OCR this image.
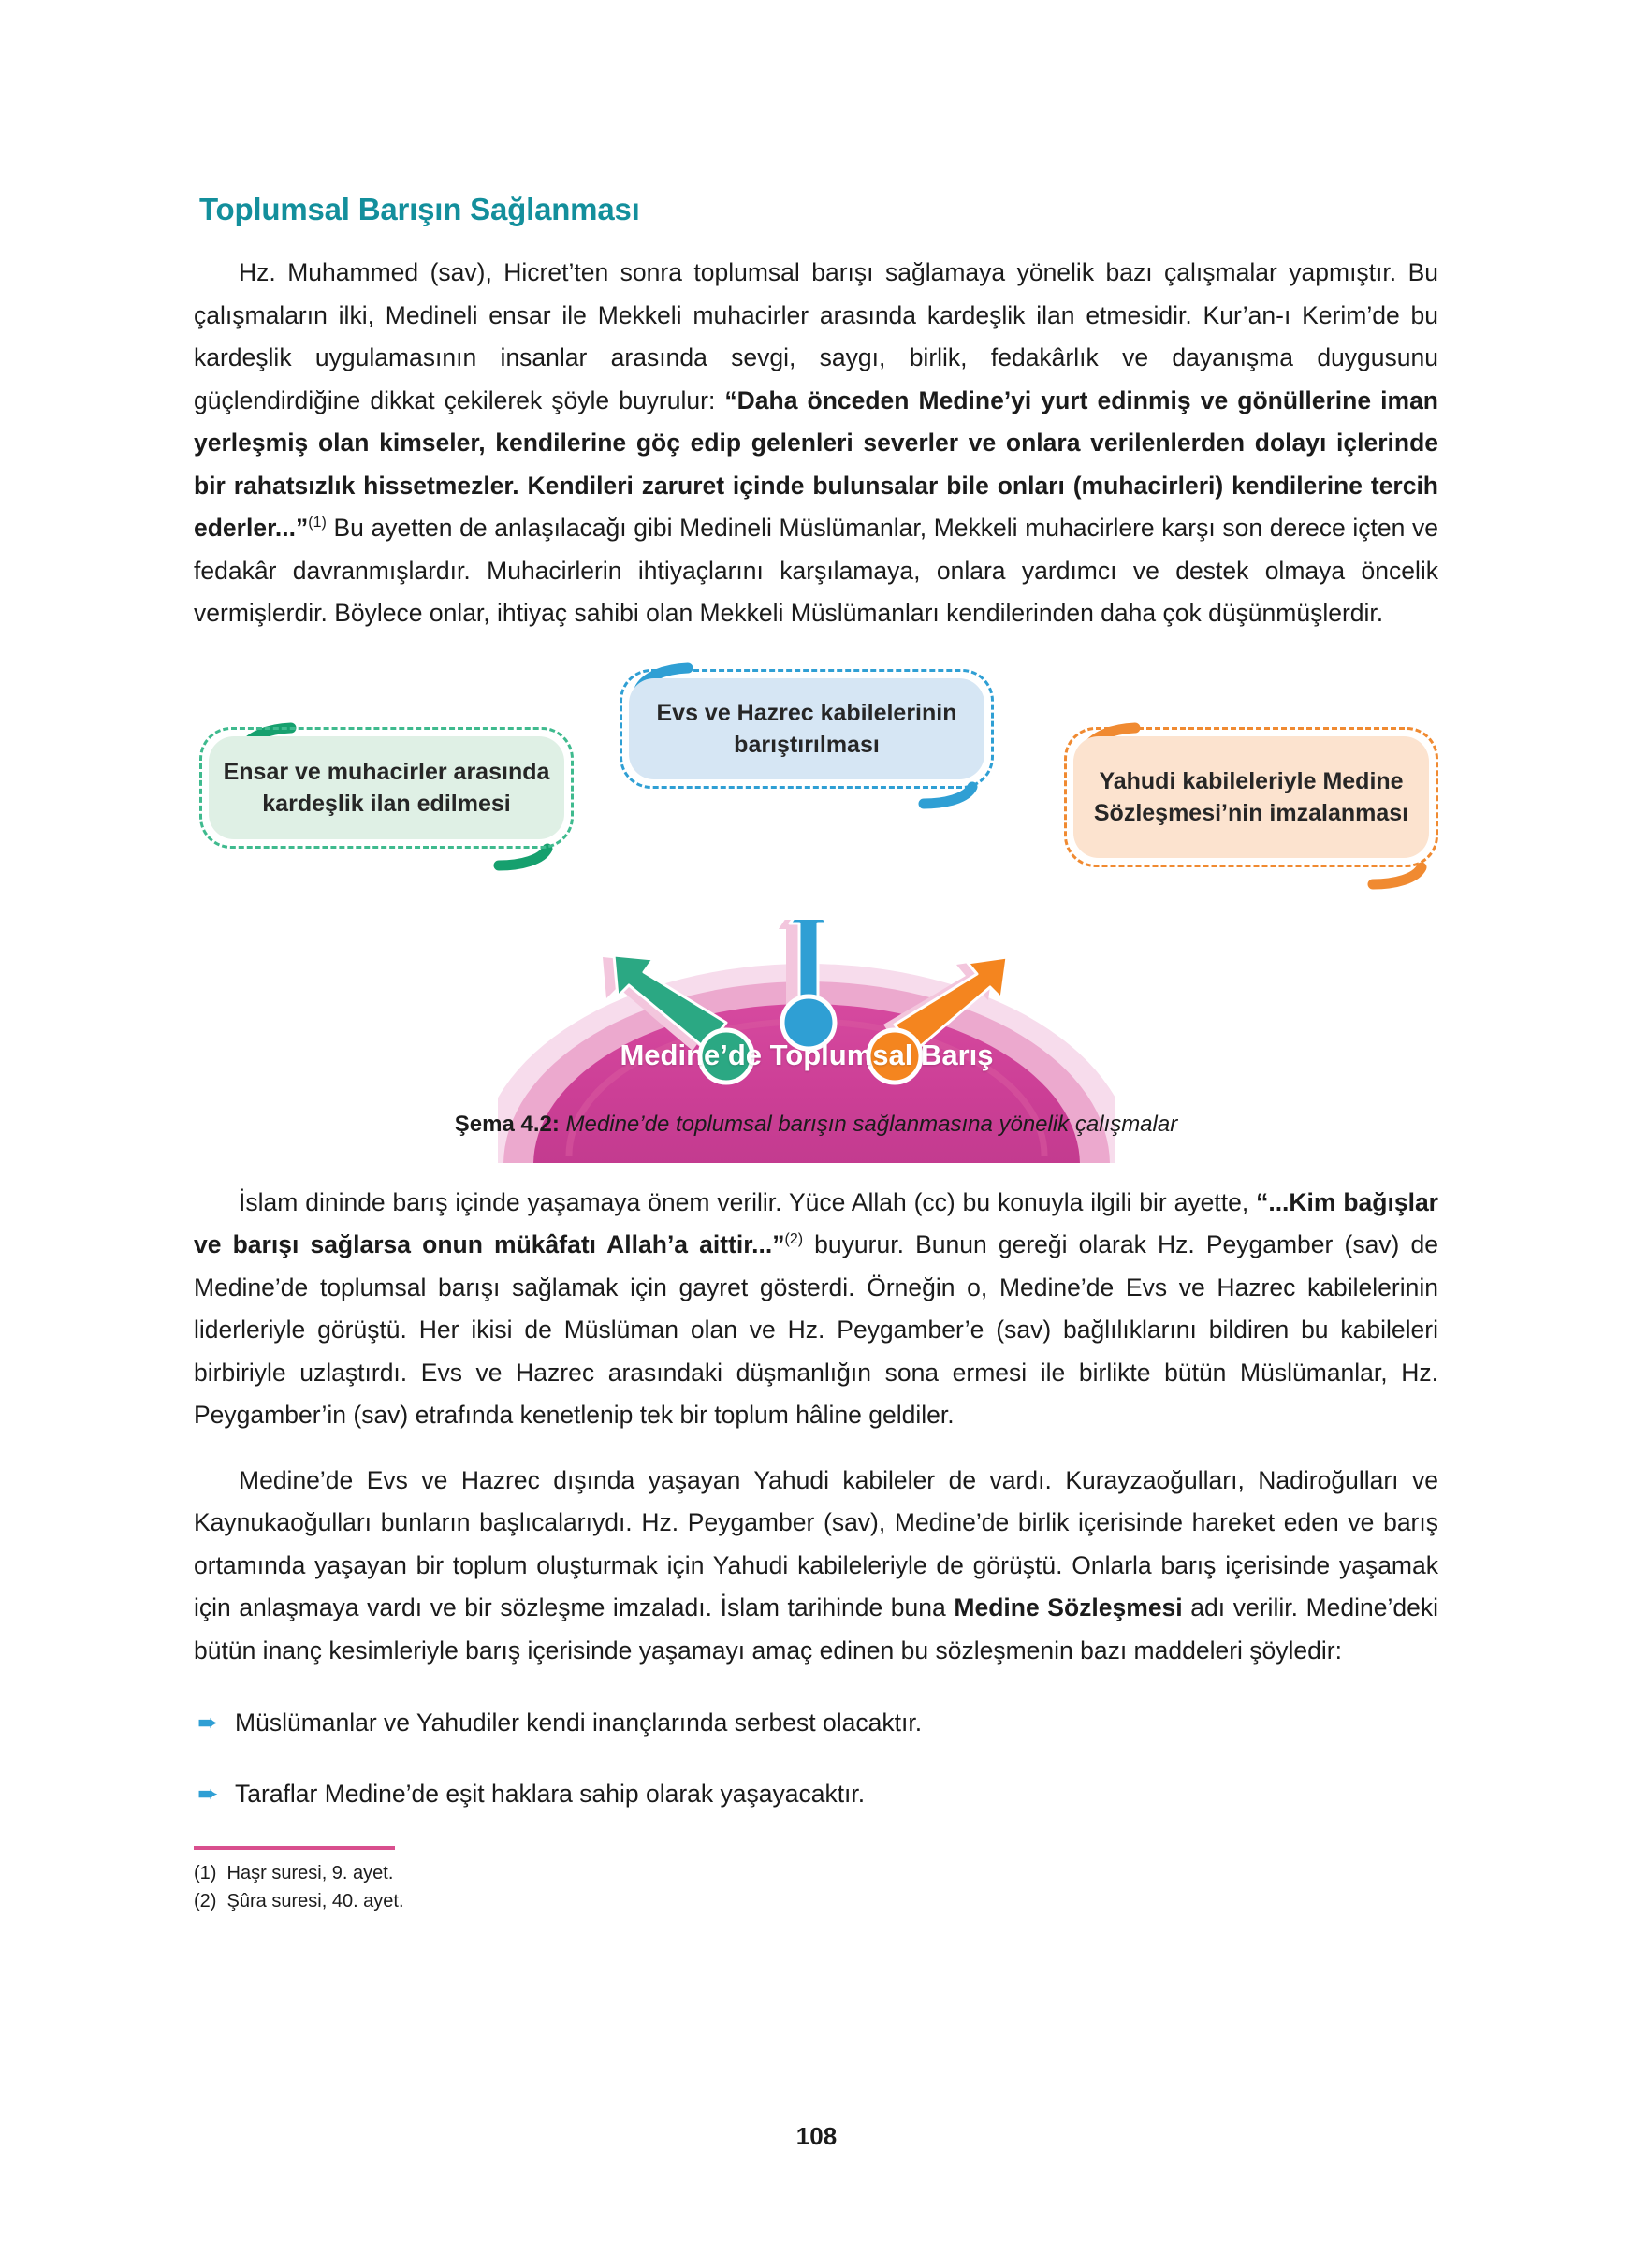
Toplumsal Barışın Sağlanması

Hz. Muhammed (sav), Hicret’ten sonra toplumsal barışı sağlamaya yönelik bazı çalışmalar yapmıştır. Bu çalışmaların ilki, Medineli ensar ile Mekkeli muhacirler arasında kardeşlik ilan etmesidir. Kur’an-ı Kerim’de bu kardeşlik uygulamasının insanlar arasında sevgi, saygı, birlik, fedakârlık ve dayanışma duygusunu güçlendirdiğine dikkat çekilerek şöyle buyrulur: “Daha önceden Medine’yi yurt edinmiş ve gönüllerine iman yerleşmiş olan kimseler, kendilerine göç edip gelenleri severler ve onlara verilenlerden dolayı içlerinde bir rahatsızlık hissetmezler. Kendileri zaruret içinde bulunsalar bile onları (muhacirleri) kendilerine tercih ederler...”$^{(1)}$ Bu ayetten de anlaşılacağı gibi Medineli Müslümanlar, Mekkeli muhacirlere karşı son derece içten ve fedakâr davranmışlardır. Muhacirlerin ihtiyaçlarını karşılamaya, onlara yardımcı ve destek olmaya öncelik vermişlerdir. Böylece onlar, ihtiyaç sahibi olan Mekkeli Müslümanları kendilerinden daha çok düşünmüşlerdir.

Ensar ve muhacirler arasında kardeşlik ilan edilmesi
Evs ve Hazrec kabilelerinin barıştırılması
Yahudi kabileleriyle Medine Sözleşmesi’nin imzalanması
Medine’de Toplumsal Barış
Şema 4.2: Medine’de toplumsal barışın sağlanmasına yönelik çalışmalar

İslam dininde barış içinde yaşamaya önem verilir. Yüce Allah (cc) bu konuyla ilgili bir ayette, “...Kim bağışlar ve barışı sağlarsa onun mükâfatı Allah’a aittir...”$^{(2)}$ buyurur. Bunun gereği olarak Hz. Peygamber (sav) de Medine’de toplumsal barışı sağlamak için gayret gösterdi. Örneğin o, Medine’de Evs ve Hazrec kabilelerinin liderleriyle görüştü. Her ikisi de Müslüman olan ve Hz. Peygamber’e (sav) bağlılıklarını bildiren bu kabileleri birbiriyle uzlaştırdı. Evs ve Hazrec arasındaki düşmanlığın sona ermesi ile birlikte bütün Müslümanlar, Hz. Peygamber’in (sav) etrafında kenetlenip tek bir toplum hâline geldiler.

Medine’de Evs ve Hazrec dışında yaşayan Yahudi kabileler de vardı. Kurayzaoğulları, Nadiroğulları ve Kaynukaoğulları bunların başlıcalarıydı. Hz. Peygamber (sav), Medine’de birlik içerisinde hareket eden ve barış ortamında yaşayan bir toplum oluşturmak için Yahudi kabileleriyle de görüştü. Onlarla barış içerisinde yaşamak için anlaşmaya vardı ve bir sözleşme imzaladı. İslam tarihinde buna Medine Sözleşmesi adı verilir. Medine’deki bütün inanç kesimleriyle barış içerisinde yaşamayı amaç edinen bu sözleşmenin bazı maddeleri şöyledir:

➨ Müslümanlar ve Yahudiler kendi inançlarında serbest olacaktır.
➨ Taraflar Medine’de eşit haklara sahip olarak yaşayacaktır.
(1)  Haşr suresi, 9. ayet.
(2)  Şûra suresi, 40. ayet.
108
